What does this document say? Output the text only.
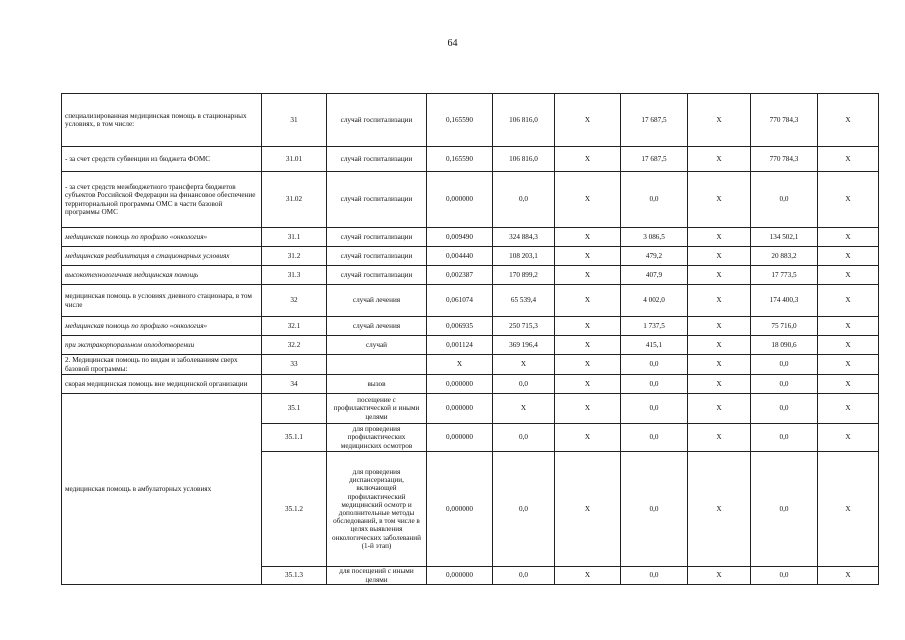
64
специализированная медицинская помощь в стационарных условиях, в том числе:	31	случай госпитализации	0,165590	106 816,0	Х	17 687,5	Х	770 784,3	Х
- за счет средств субвенции из бюджета ФОМС	31.01	случай госпитализации	0,165590	106 816,0	Х	17 687,5	Х	770 784,3	Х
- за счет средств межбюджетного трансферта бюджетов субъектов Российской Федерации на финансовое обеспечение территориальной программы ОМС в части базовой программы ОМС	31.02	случай госпитализации	0,000000	0,0	Х	0,0	Х	0,0	Х
медицинская помощь по профилю «онкология»	31.1	случай госпитализации	0,009490	324 884,3	Х	3 086,5	Х	134 502,1	Х
медицинская реабилитация в стационарных условиях	31.2	случай госпитализации	0,004440	108 203,1	Х	479,2	Х	20 883,2	Х
высокотехнологичная медицинская помощь	31.3	случай госпитализации	0,002387	170 899,2	Х	407,9	Х	17 773,5	Х
медицинская помощь в условиях дневного стационара, в том числе	32	случай лечения	0,061074	65 539,4	Х	4 002,0	Х	174 400,3	Х
медицинская помощь по профилю «онкология»	32.1	случай лечения	0,006935	250 715,3	Х	1 737,5	Х	75 716,0	Х
при экстракорпоральном оплодотворении	32.2	случай	0,001124	369 196,4	Х	415,1	Х	18 090,6	Х
2. Медицинская помощь по видам и заболеваниям сверх базовой программы:	33		Х	Х	Х	0,0	Х	0,0	Х
скорая медицинская помощь вне медицинской организации	34	вызов	0,000000	0,0	Х	0,0	Х	0,0	Х
медицинская помощь в амбулаторных условиях	35.1	посещение с профилактической и иными целями	0,000000	Х	Х	0,0	Х	0,0	Х
	35.1.1	для проведения профилактических медицинских осмотров	0,000000	0,0	Х	0,0	Х	0,0	Х
	35.1.2	для проведения диспансеризации, включающей профилактический медицинский осмотр и дополнительные методы обследований, в том числе в целях выявления онкологических заболеваний (1-й этап)	0,000000	0,0	Х	0,0	Х	0,0	Х
	35.1.3	для посещений с иными целями	0,000000	0,0	Х	0,0	Х	0,0	Х
